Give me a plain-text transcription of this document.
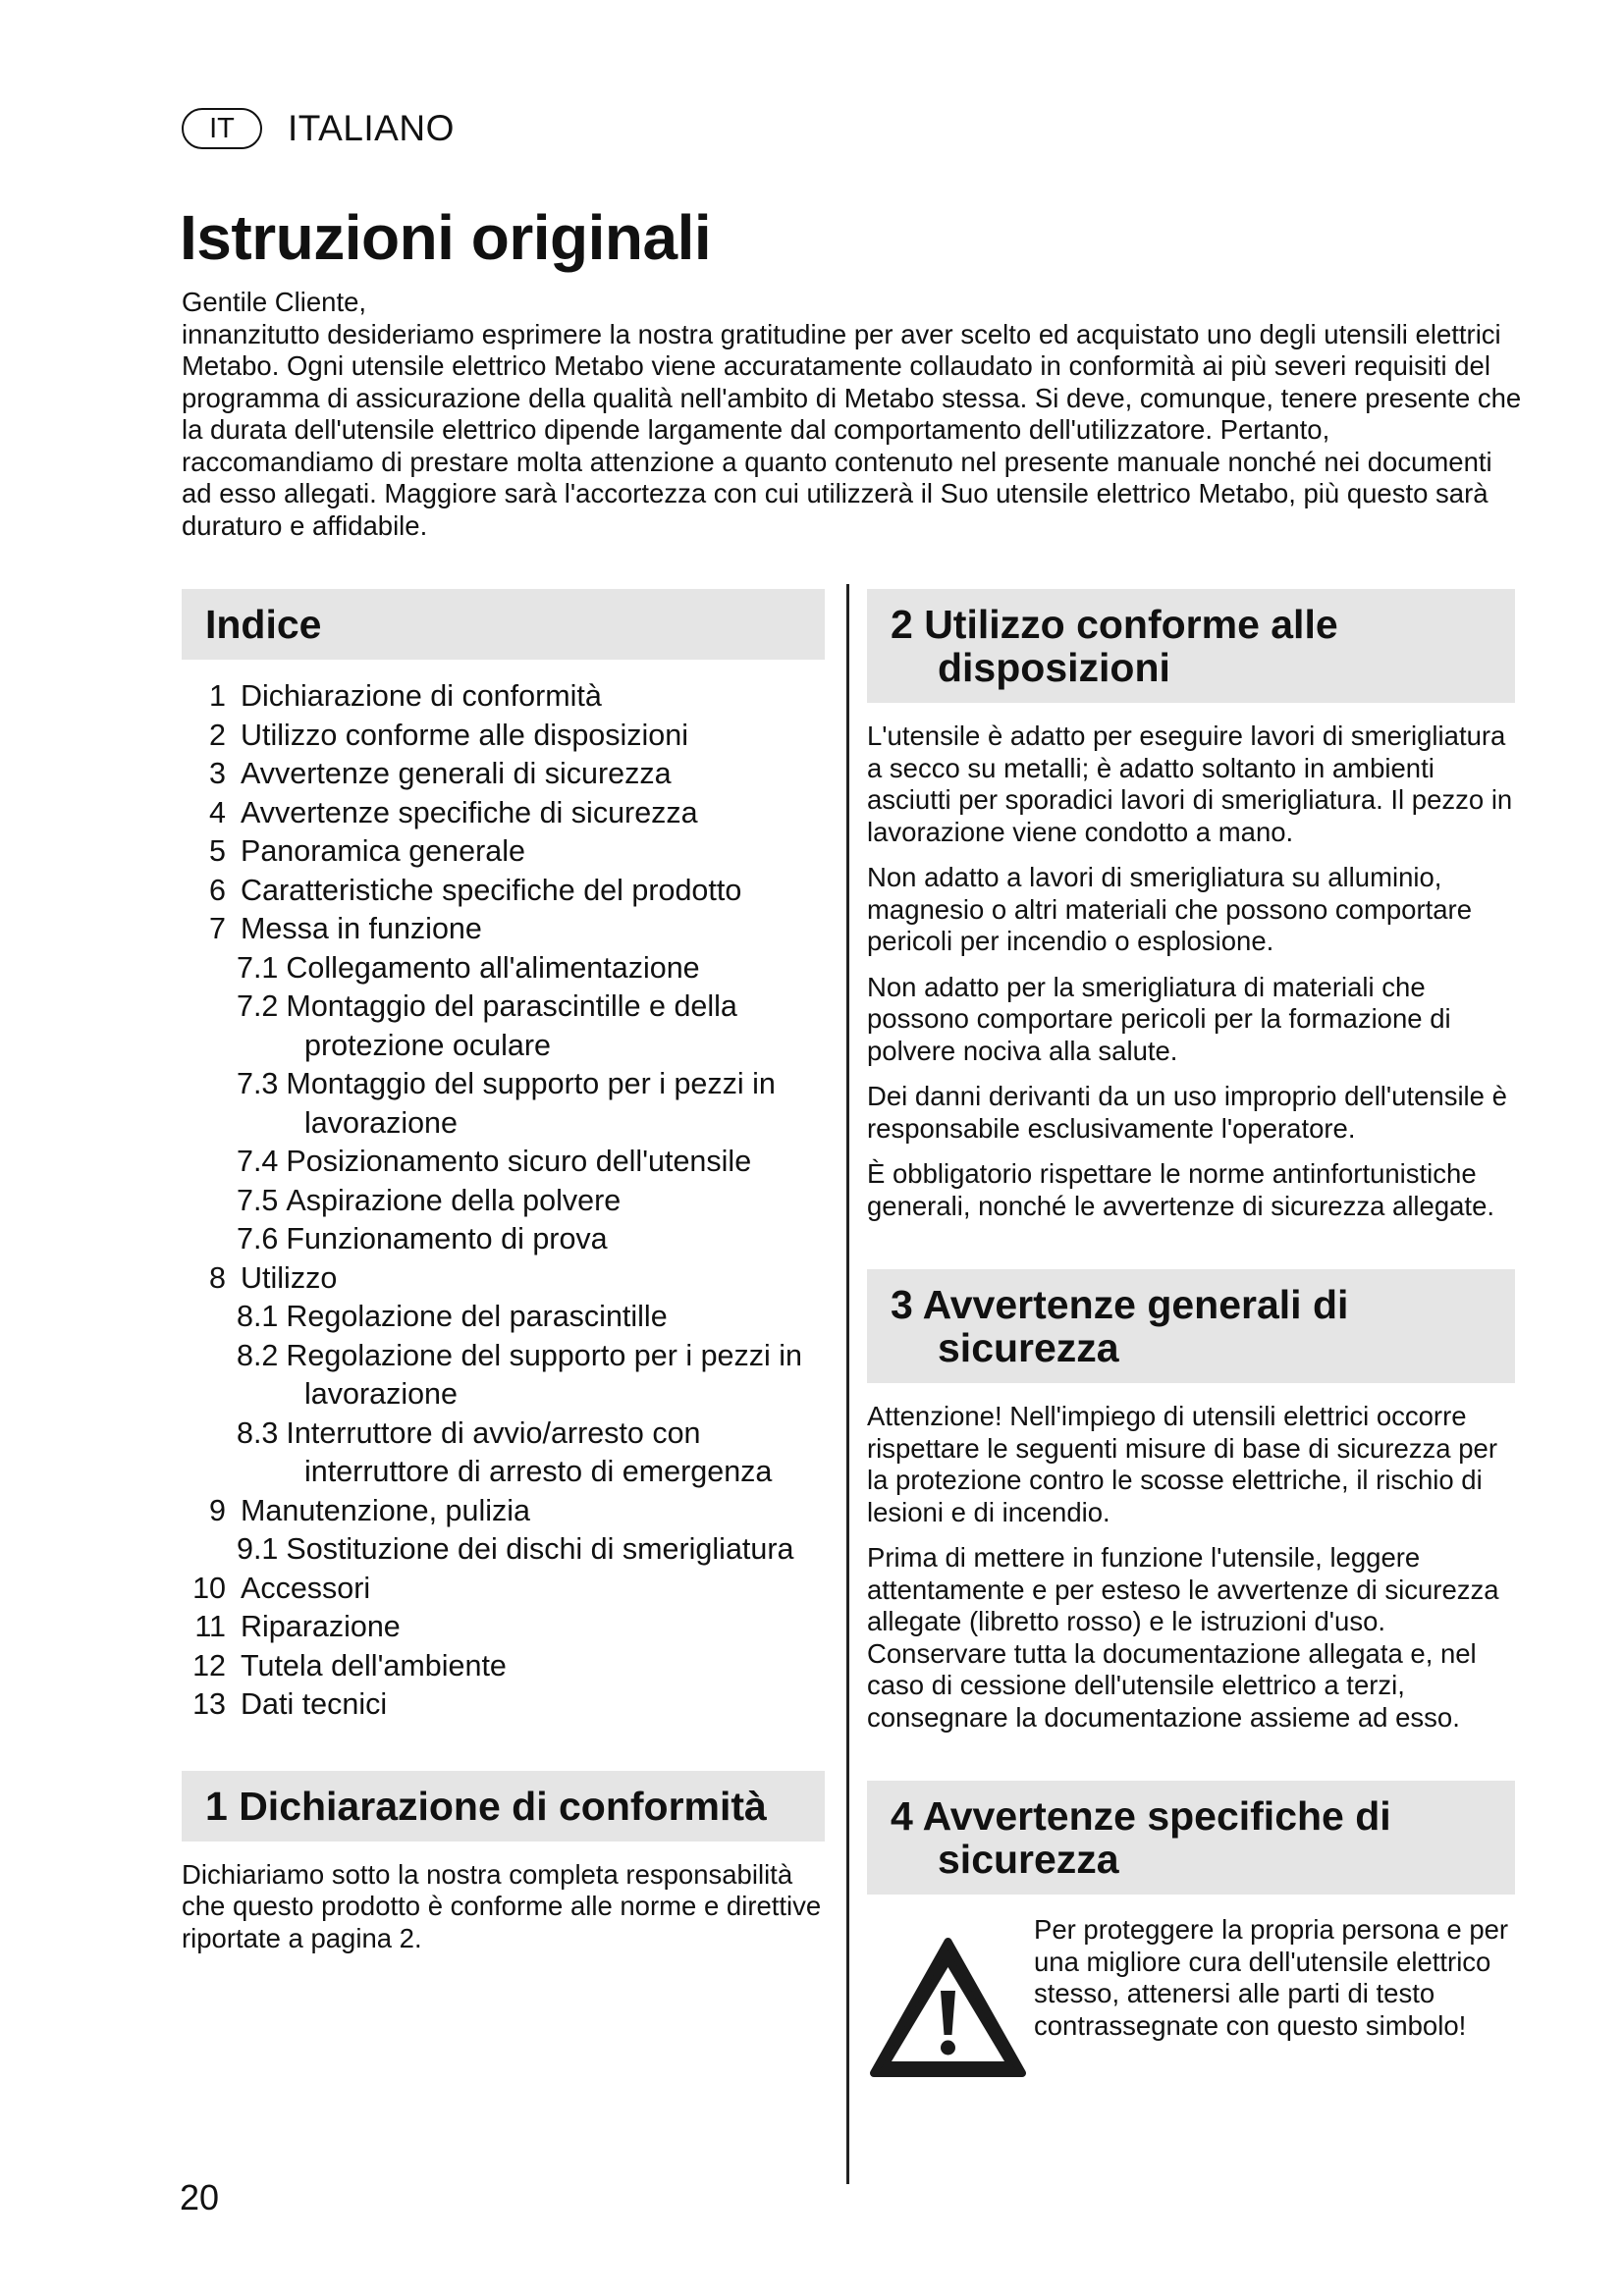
IT	ITALIANO
Istruzioni originali

Gentile Cliente,

innanzitutto desideriamo esprimere la nostra gratitudine per aver scelto ed acquistato uno degli utensili elettrici Metabo. Ogni utensile elettrico Metabo viene accuratamente collaudato in conformità ai più severi requisiti del programma di assicurazione della qualità nell'ambito di Metabo stessa. Si deve, comunque, tenere presente che la durata dell'utensile elettrico dipende largamente dal comportamento dell'utilizzatore. Pertanto, raccomandiamo di prestare molta attenzione a quanto contenuto nel presente manuale nonché nei documenti ad esso allegati. Maggiore sarà l'accortezza con cui utilizzerà il Suo utensile elettrico Metabo, più questo sarà duraturo e affidabile.

Indice
1 Dichiarazione di conformità
2 Utilizzo conforme alle disposizioni
3 Avvertenze generali di sicurezza
4 Avvertenze specifiche di sicurezza
5 Panoramica generale
6 Caratteristiche specifiche del prodotto
7 Messa in funzione
7.1 Collegamento all'alimentazione
7.2 Montaggio del parascintille e della protezione oculare
7.3 Montaggio del supporto per i pezzi in lavorazione
7.4 Posizionamento sicuro dell'utensile
7.5 Aspirazione della polvere
7.6 Funzionamento di prova
8 Utilizzo
8.1 Regolazione del parascintille
8.2 Regolazione del supporto per i pezzi in lavorazione
8.3 Interruttore di avvio/arresto con interruttore di arresto di emergenza
9 Manutenzione, pulizia
9.1 Sostituzione dei dischi di smerigliatura
10 Accessori
11 Riparazione
12 Tutela dell'ambiente
13 Dati tecnici
1 Dichiarazione di conformità

Dichiariamo sotto la nostra completa responsabilità che questo prodotto è conforme alle norme e direttive riportate a pagina 2.

2 Utilizzo conforme alle disposizioni

L'utensile è adatto per eseguire lavori di smerigliatura a secco su metalli; è adatto soltanto in ambienti asciutti per sporadici lavori di smerigliatura. Il pezzo in lavorazione viene condotto a mano.

Non adatto a lavori di smerigliatura su alluminio, magnesio o altri materiali che possono comportare pericoli per incendio o esplosione.

Non adatto per la smerigliatura di materiali che possono comportare pericoli per la formazione di polvere nociva alla salute.

Dei danni derivanti da un uso improprio dell'utensile è responsabile esclusivamente l'operatore.

È obbligatorio rispettare le norme antinfortunistiche generali, nonché le avvertenze di sicurezza allegate.

3 Avvertenze generali di sicurezza

Attenzione! Nell'impiego di utensili elettrici occorre rispettare le seguenti misure di base di sicurezza per la protezione contro le scosse elettriche, il rischio di lesioni e di incendio.

Prima di mettere in funzione l'utensile, leggere attentamente e per esteso le avvertenze di sicurezza allegate (libretto rosso) e le istruzioni d'uso. Conservare tutta la documentazione allegata e, nel caso di cessione dell'utensile elettrico a terzi, consegnare la documentazione assieme ad esso.

4 Avvertenze specifiche di sicurezza

Per proteggere la propria persona e per una migliore cura dell'utensile elettrico stesso, attenersi alle parti di testo contrassegnate con questo simbolo!

20
